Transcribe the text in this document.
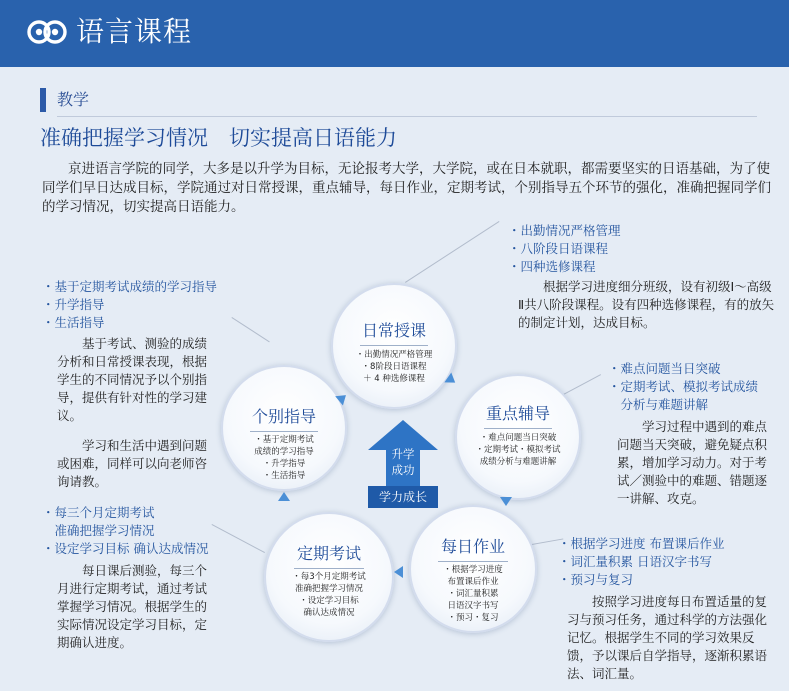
语言课程
教学
准确把握学习情况　切实提高日语能力
京进语言学院的同学，大多是以升学为目标，无论报考大学，大学院，或在日本就职，都需要坚实的日语基础，为了使同学们早日达成目标，学院通过对日常授课，重点辅导，每日作业，定期考试，个别指导五个环节的强化，准确把握同学们的学习情况，切实提高日语能力。
日常授课
・出勤情况严格管理
・8阶段日语课程
＋ 4 种选修课程
重点辅导
・难点问题当日突破
・定期考试・模拟考试
成绩分析与难题讲解
每日作业
・根据学习进度
布置课后作业
・词汇量积累
日语汉字书写
・预习・复习
定期考试
・每3个月定期考试
准确把握学习情况
・设定学习目标
确认达成情况
个别指导
・基于定期考试
成绩的学习指导
・升学指导
・生活指导
升学
成功
学力成长
・出勤情况严格管理
・八阶段日语课程
・四种选修课程

根据学习进度细分班级，设有初级Ⅰ～高级Ⅱ共八阶段课程。设有四种选修课程，有的放矢的制定计划，达成目标。

・基于定期考试成绩的学习指导
・升学指导
・生活指导

基于考试、测验的成绩分析和日常授课表现，根据学生的不同情况予以个别指导，提供有针对性的学习建议。

学习和生活中遇到问题或困难，同样可以向老师咨询请教。

・难点问题当日突破
・定期考试、模拟考试成绩
　分析与难题讲解

学习过程中遇到的难点问题当天突破，避免疑点积累，增加学习动力。对于考试／测验中的难题、错题逐一讲解、攻克。

・每三个月定期考试
　准确把握学习情况
・设定学习目标 确认达成情况

每日课后测验，每三个月进行定期考试，通过考试掌握学习情况。根据学生的实际情况设定学习目标，定期确认进度。

・根据学习进度 布置课后作业
・词汇量积累 日语汉字书写
・预习与复习

按照学习进度每日布置适量的复习与预习任务，通过科学的方法强化记忆。根据学生不同的学习效果反馈，予以课后自学指导，逐渐积累语法、词汇量。
